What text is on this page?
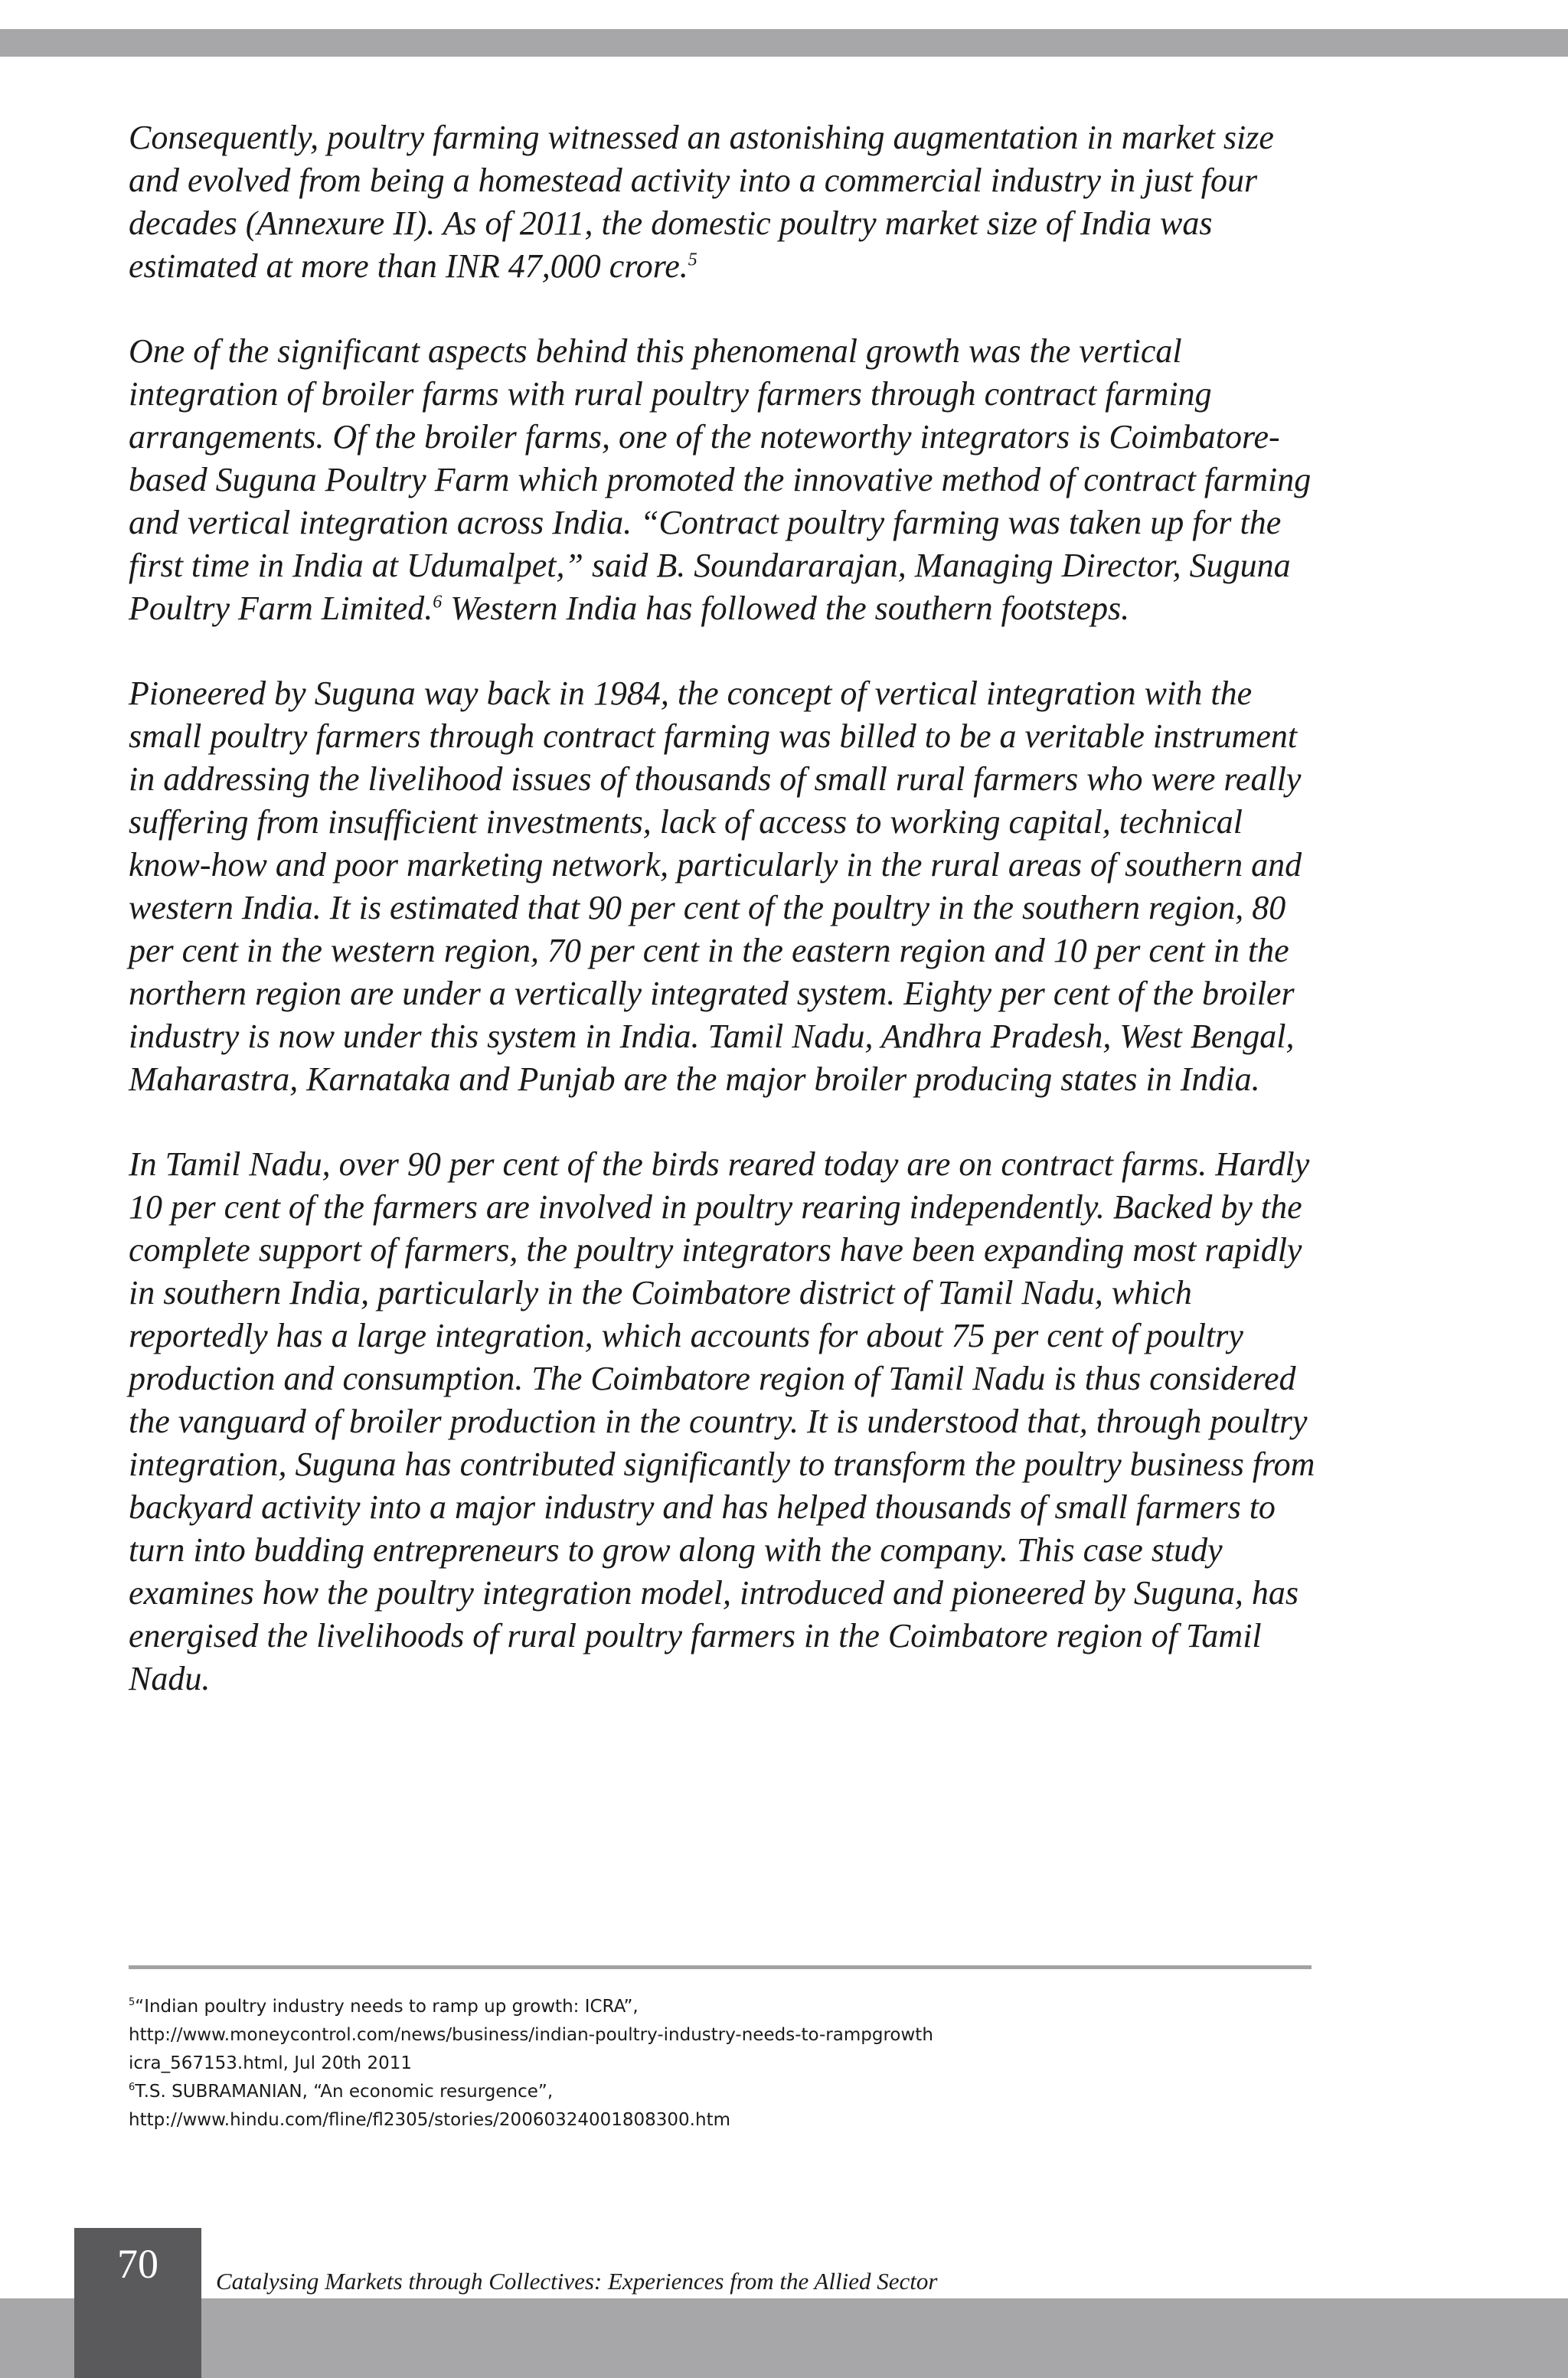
Consequently, poultry farming witnessed an astonishing augmentation in market size and evolved from being a homestead activity into a commercial industry in just four decades (Annexure II). As of 2011, the domestic poultry market size of India was estimated at more than INR 47,000 crore.$^5$

One of the significant aspects behind this phenomenal growth was the vertical integration of broiler farms with rural poultry farmers through contract farming arrangements. Of the broiler farms, one of the noteworthy integrators is Coimbatore-based Suguna Poultry Farm which promoted the innovative method of contract farming and vertical integration across India. “Contract poultry farming was taken up for the first time in India at Udumalpet,” said B. Soundararajan, Managing Director, Suguna Poultry Farm Limited.$^6$ Western India has followed the southern footsteps.

Pioneered by Suguna way back in 1984, the concept of vertical integration with the small poultry farmers through contract farming was billed to be a veritable instrument in addressing the livelihood issues of thousands of small rural farmers who were really suffering from insufficient investments, lack of access to working capital, technical know-how and poor marketing network, particularly in the rural areas of southern and western India. It is estimated that 90 per cent of the poultry in the southern region, 80 per cent in the western region, 70 per cent in the eastern region and 10 per cent in the northern region are under a vertically integrated system. Eighty per cent of the broiler industry is now under this system in India. Tamil Nadu, Andhra Pradesh, West Bengal, Maharastra, Karnataka and Punjab are the major broiler producing states in India.

In Tamil Nadu, over 90 per cent of the birds reared today are on contract farms. Hardly 10 per cent of the farmers are involved in poultry rearing independently. Backed by the complete support of farmers, the poultry integrators have been expanding most rapidly in southern India, particularly in the Coimbatore district of Tamil Nadu, which reportedly has a large integration, which accounts for about 75 per cent of poultry production and consumption. The Coimbatore region of Tamil Nadu is thus considered the vanguard of broiler production in the country. It is understood that, through poultry integration, Suguna has contributed significantly to transform the poultry business from backyard activity into a major industry and has helped thousands of small farmers to turn into budding entrepreneurs to grow along with the company. This case study examines how the poultry integration model, introduced and pioneered by Suguna, has energised the livelihoods of rural poultry farmers in the Coimbatore region of Tamil Nadu.

$^5$“Indian poultry industry needs to ramp up growth: ICRA”,
http://www.moneycontrol.com/news/business/indian-poultry-industry-needs-to-rampgrowth
icra_567153.html, Jul 20th 2011
$^6$T.S. SUBRAMANIAN, “An economic resurgence”,
http://www.hindu.com/fline/fl2305/stories/20060324001808300.htm
70	Catalysing Markets through Collectives: Experiences from the Allied Sector
